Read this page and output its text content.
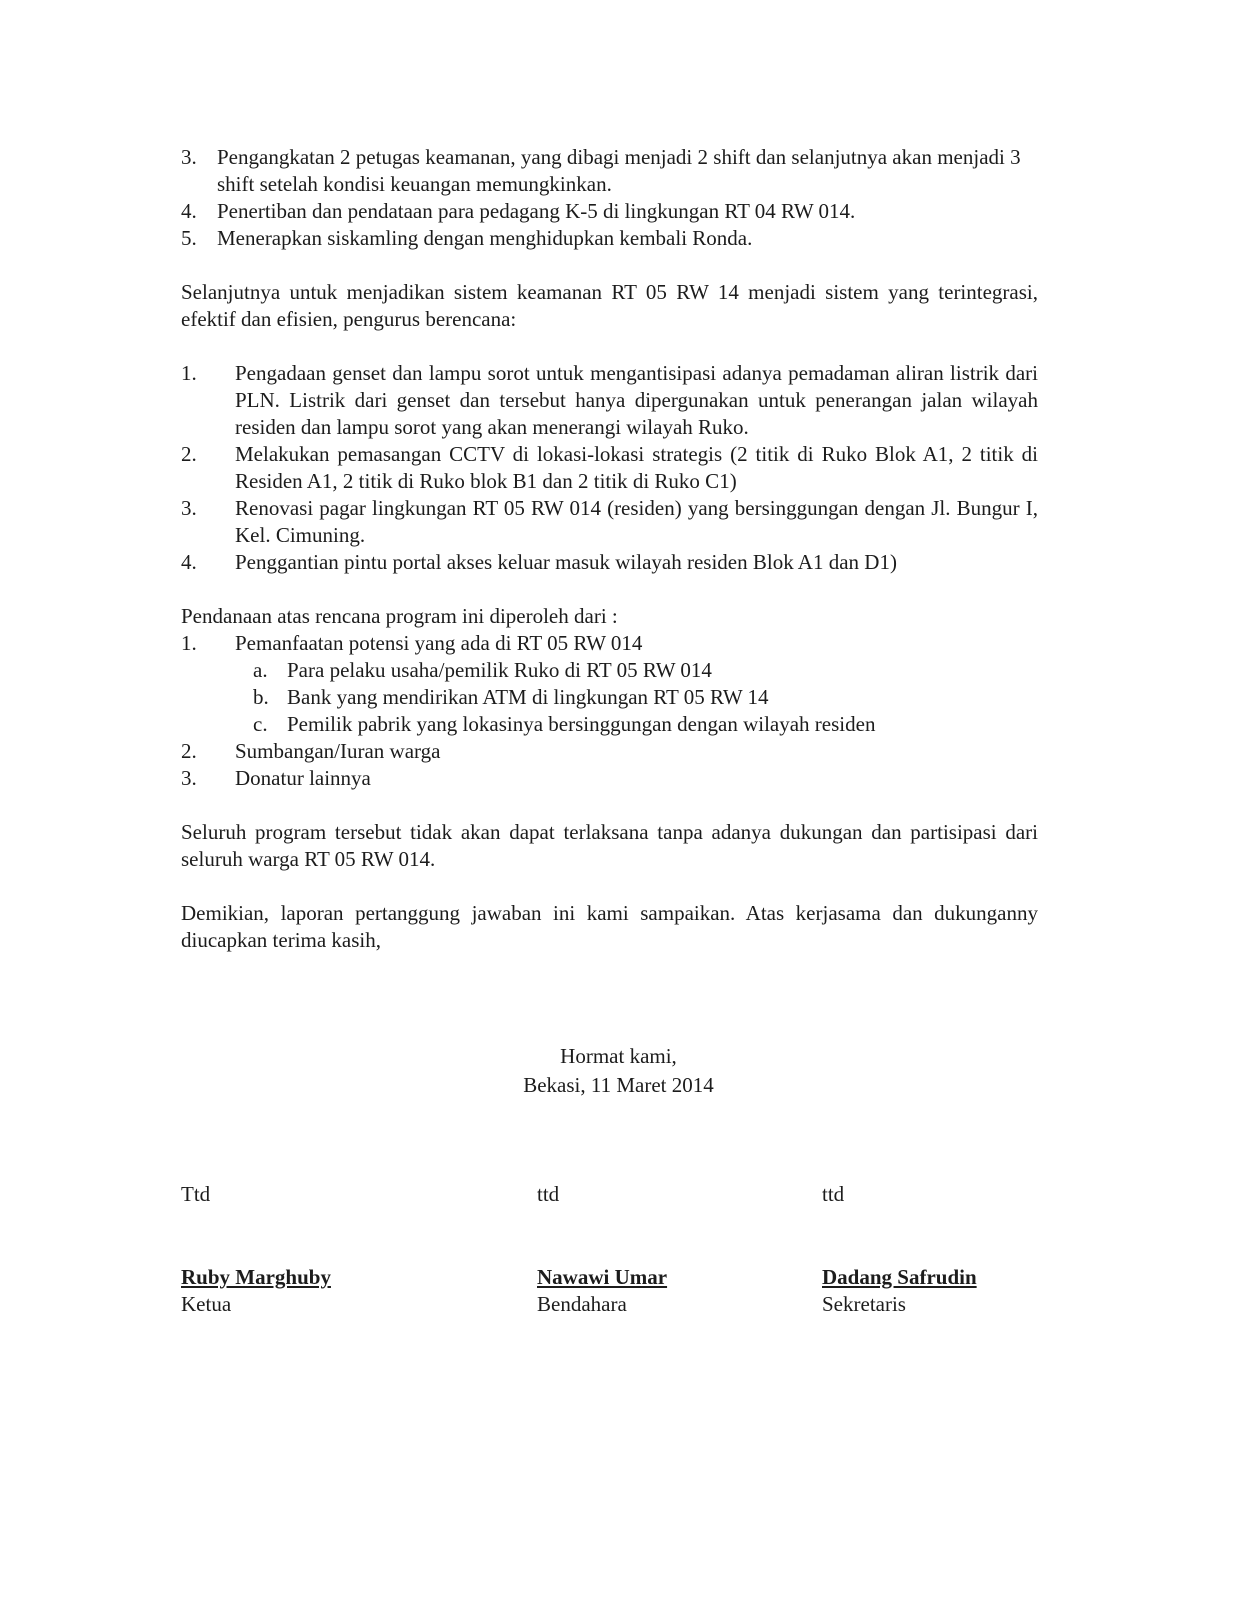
3. Pengangkatan 2 petugas keamanan, yang dibagi menjadi 2 shift dan selanjutnya akan menjadi 3 shift setelah kondisi keuangan memungkinkan.
4. Penertiban dan pendataan para pedagang K-5 di lingkungan RT 04 RW 014.
5. Menerapkan siskamling dengan menghidupkan kembali Ronda.
Selanjutnya untuk menjadikan sistem keamanan RT 05 RW 14 menjadi sistem yang terintegrasi, efektif dan efisien, pengurus berencana:
1.	Pengadaan genset dan lampu sorot untuk mengantisipasi adanya pemadaman aliran listrik dari PLN. Listrik dari genset dan tersebut hanya dipergunakan untuk penerangan jalan wilayah residen dan lampu sorot yang akan menerangi wilayah Ruko.
2.	Melakukan pemasangan CCTV di lokasi-lokasi strategis (2 titik di Ruko Blok A1, 2 titik di Residen A1, 2 titik di Ruko blok B1 dan 2 titik di Ruko C1)
3.	Renovasi pagar lingkungan RT 05 RW 014 (residen) yang bersinggungan dengan Jl. Bungur I, Kel. Cimuning.
4.	Penggantian pintu portal akses keluar masuk wilayah residen Blok A1 dan D1)
Pendanaan atas rencana program ini diperoleh dari :
1.	Pemanfaatan potensi yang ada di RT 05 RW 014
a. Para pelaku usaha/pemilik Ruko di RT 05 RW 014
b. Bank yang mendirikan ATM di lingkungan RT 05 RW 14
c. Pemilik pabrik yang lokasinya bersinggungan dengan wilayah residen
2.	Sumbangan/Iuran warga
3.	Donatur lainnya
Seluruh program tersebut tidak akan dapat terlaksana tanpa adanya dukungan dan partisipasi dari seluruh warga RT 05 RW 014.
Demikian, laporan pertanggung jawaban ini kami sampaikan. Atas kerjasama dan dukunganny diucapkan terima kasih,
Hormat kami,
Bekasi, 11 Maret 2014
Ttd	ttd	ttd
Ruby Marghuby	Nawawi Umar	Dadang Safrudin
Ketua	Bendahara	Sekretaris
